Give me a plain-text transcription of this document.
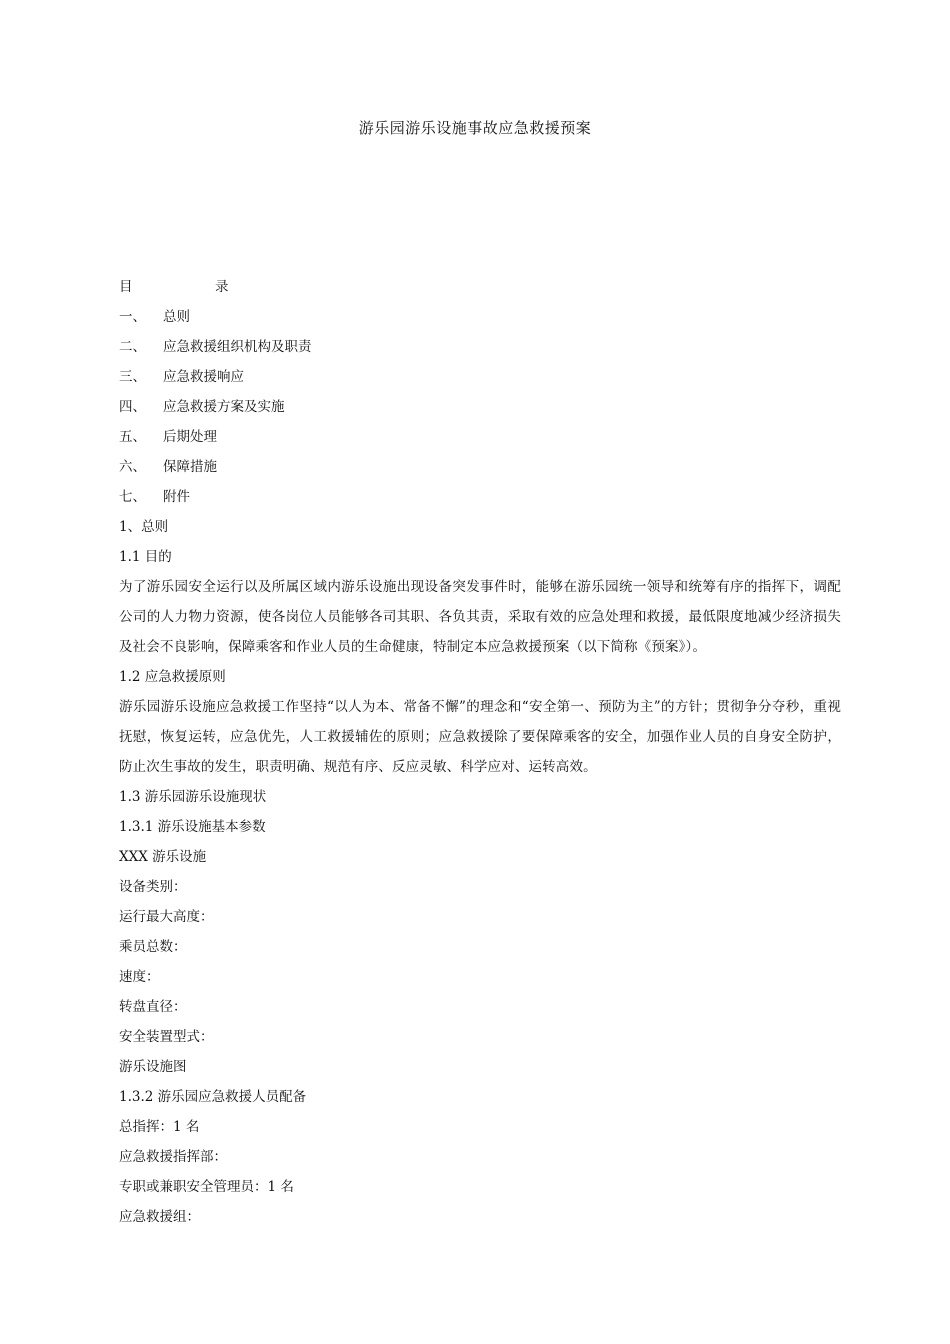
游乐园游乐设施事故应急救援预案
目	录
一、	总则
二、	应急救援组织机构及职责
三、	应急救援响应
四、	应急救援方案及实施
五、	后期处理
六、	保障措施
七、	附件

1、总则

1.1 目的

为了游乐园安全运行以及所属区域内游乐设施出现设备突发事件时，能够在游乐园统一领导和统筹有序的指挥下，调配公司的人力物力资源，使各岗位人员能够各司其职、各负其责，采取有效的应急处理和救援，最低限度地减少经济损失及社会不良影响，保障乘客和作业人员的生命健康，特制定本应急救援预案（以下简称《预案》）。

1.2 应急救援原则

游乐园游乐设施应急救援工作坚持“以人为本、常备不懈”的理念和“安全第一、预防为主”的方针；贯彻争分夺秒，重视抚慰，恢复运转，应急优先，人工救援辅佐的原则；应急救援除了要保障乘客的安全，加强作业人员的自身安全防护，防止次生事故的发生，职责明确、规范有序、反应灵敏、科学应对、运转高效。

1.3 游乐园游乐设施现状

1.3.1 游乐设施基本参数

XXX 游乐设施

设备类别：

运行最大高度：

乘员总数：

速度：

转盘直径：

安全装置型式：

游乐设施图

1.3.2 游乐园应急救援人员配备

总指挥：1 名

应急救援指挥部：

专职或兼职安全管理员：1 名

应急救援组：
